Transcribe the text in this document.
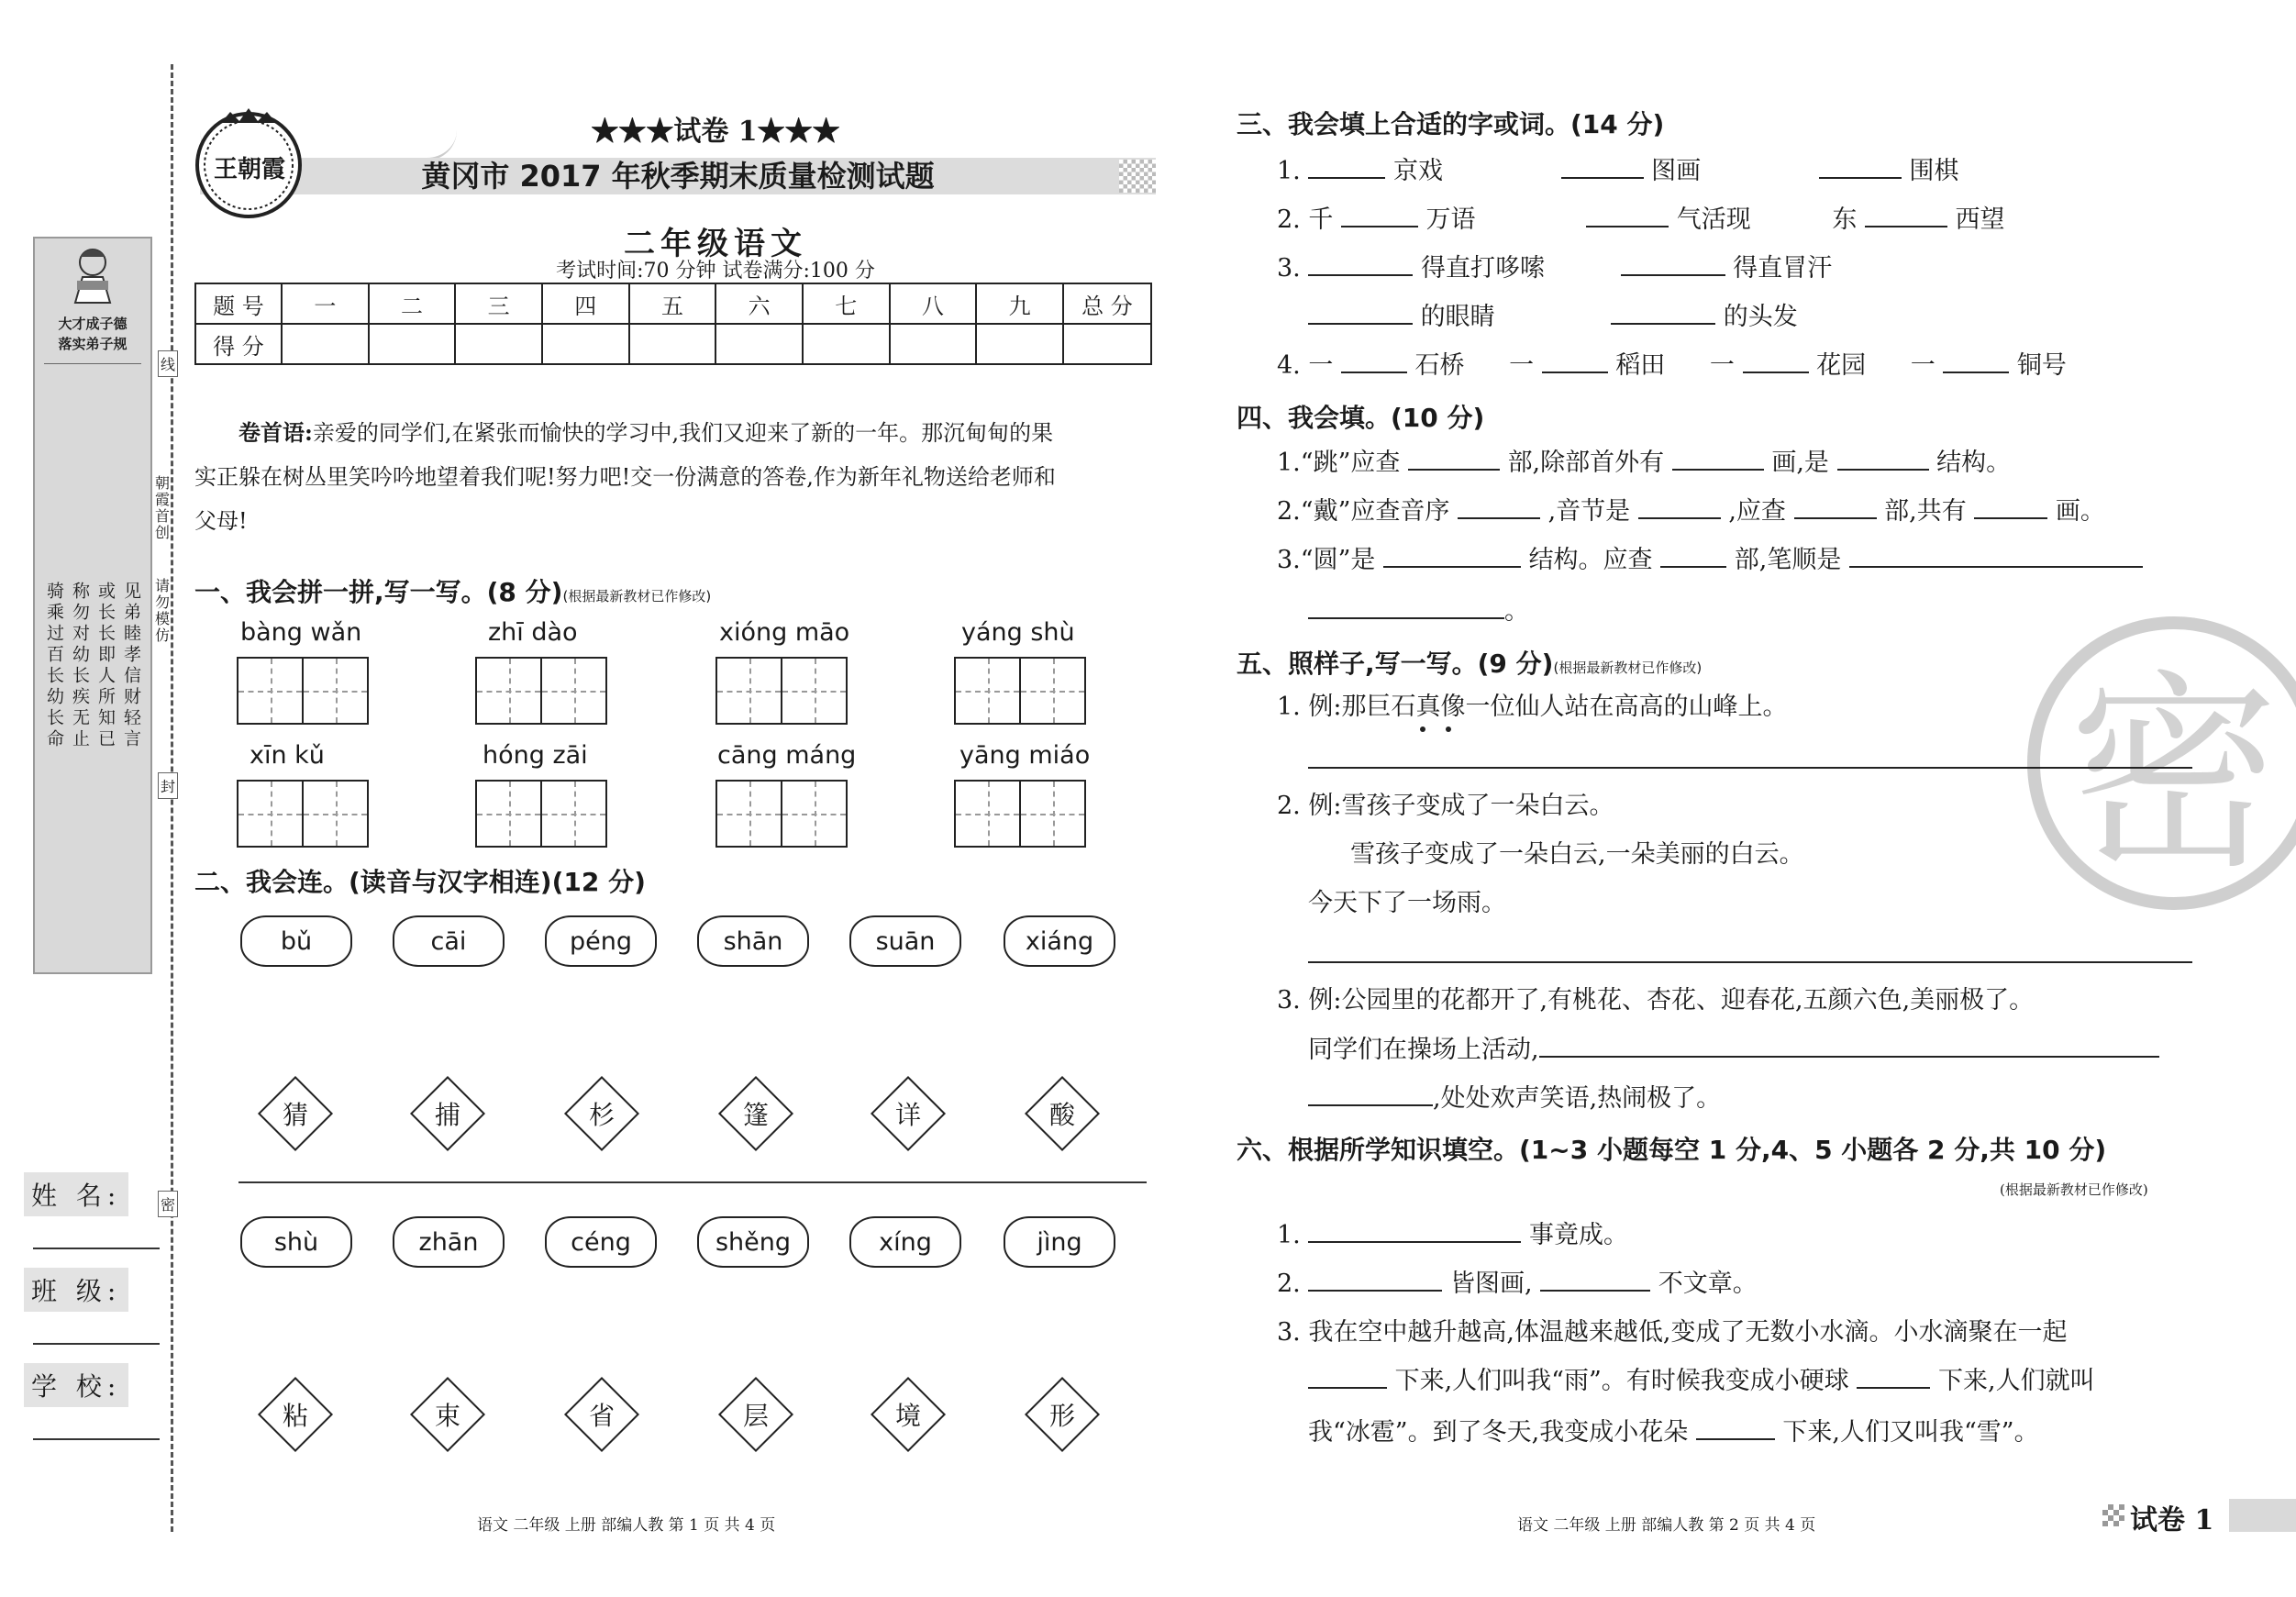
大才成子德
落实弟子规
骑乘过百长幼长命 称勿对幼长疾无止 或长长即人所知已 见弟睦孝信财轻言
朝
霞
首
创
请
勿
模
仿
线
封
密
姓 名:
班 级:
学 校:
王朝霞
★★★试卷 1★★★
黄冈市 2017 年秋季期末质量检测试题
二年级语文
考试时间:70 分钟 试卷满分:100 分
题 号	一	二	三	四	五	六	七	八	九	总 分
得 分										
卷首语:亲爱的同学们,在紧张而愉快的学习中,我们又迎来了新的一年。那沉甸甸的果
实正躲在树丛里笑吟吟地望着我们呢!努力吧!交一份满意的答卷,作为新年礼物送给老师和
父母!
一、我会拼一拼,写一写。(8 分)(根据最新教材已作修改)
bàng wǎn	zhī dào	xióng māo	yáng shù
xīn kǔ	hóng zāi	cāng máng	yāng miáo
二、我会连。(读音与汉字相连)(12 分)
bǔ	cāi	péng	shān	suān	xiáng
猜	捕	杉	篷	详	酸
shù	zhān	céng	shěng	xíng	jìng
粘	束	省	层	境	形
语文 二年级 上册 部编人教 第 1 页 共 4 页
密
三、我会填上合适的字或词。(14 分)
1.	京戏	图画	围棋
2. 千	万语	气活现	东	西望
3.	得直打哆嗦	得直冒汗
的眼睛	的头发
4. 一	石桥 一	稻田 一	花园 一	铜号
四、我会填。(10 分)
1.“跳”应查	部,除部首外有	画,是	结构。
2.“戴”应查音序	,音节是	,应查	部,共有	画。
3.“圆”是	结构。应查	部,笔顺是
。
五、照样子,写一写。(9 分)(根据最新教材已作修改)
1. 例:那巨石真像一位仙人站在高高的山峰上。
2. 例:雪孩子变成了一朵白云。
雪孩子变成了一朵白云,一朵美丽的白云。
今天下了一场雨。
3. 例:公园里的花都开了,有桃花、杏花、迎春花,五颜六色,美丽极了。
同学们在操场上活动,
,处处欢声笑语,热闹极了。
六、根据所学知识填空。(1~3 小题每空 1 分,4、5 小题各 2 分,共 10 分)
(根据最新教材已作修改)
1.	事竟成。
2.	皆图画,	不文章。
3. 我在空中越升越高,体温越来越低,变成了无数小水滴。小水滴聚在一起
下来,人们叫我“雨”。有时候我变成小硬球	下来,人们就叫
我“冰雹”。到了冬天,我变成小花朵	下来,人们又叫我“雪”。
语文 二年级 上册 部编人教 第 2 页 共 4 页	试卷 1
